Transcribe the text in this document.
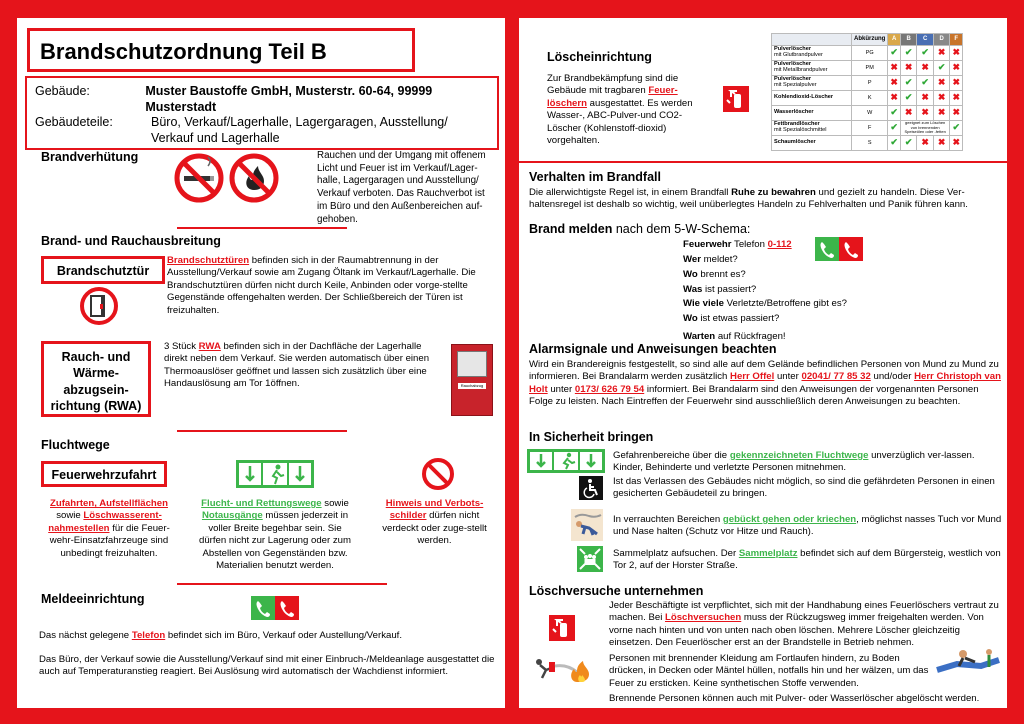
Brandschutzordnung Teil B
Gebäude:	Muster Baustoffe GmbH, Musterstr. 60-64, 99999 Musterstadt
Gebäudeteile:	Büro, Verkauf/Lagerhalle, Lagergaragen, Ausstellung/
Verkauf und Lagerhalle
Brandverhütung	Rauchen und der Umgang mit offenem Licht und Feuer ist im Verkauf/Lager-halle, Lagergaragen und Ausstellung/ Verkauf verboten. Das Rauchverbot ist im Büro und den Außenbereichen auf-gehoben.
Brand- und Rauchausbreitung
Brandschutztür
Brandschutztüren befinden sich in der Raumabtrennung in der Ausstellung/Verkauf sowie am Zugang Öltank im Verkauf/Lagerhalle. Die Brandschutztüren dürfen nicht durch Keile, Anbinden oder vorge-stellte Gegenstände offengehalten werden. Der Schließbereich der Türen ist freizuhalten.
Rauch- und Wärme-abzugsein-richtung (RWA)
3 Stück RWA befinden sich in der Dachfläche der Lagerhalle direkt neben dem Verkauf. Sie werden automatisch über einen Thermoauslöser geöffnet und lassen sich zusätzlich über eine Handauslösung am Tor 1öffnen.	Rauchabzug
Fluchtwege
Feuerwehrzufahrt
Zufahrten, Aufstellflächen sowie Löschwasserent-nahmestellen für die Feuer-wehr-Einsatzfahrzeuge sind unbedingt freizuhalten.
Flucht- und Rettungswege sowie Notausgänge müssen jederzeit in voller Breite begehbar sein. Sie dürfen nicht zur Lagerung oder zum Abstellen von Gegenständen bzw. Materialien benutzt werden.
Hinweis und Verbots-schilder dürfen nicht verdeckt oder zuge-stellt werden.
Meldeeinrichtung
Das nächst gelegene Telefon befindet sich im Büro, Verkauf oder Austellung/Verkauf.
Das Büro, der Verkauf sowie die Ausstellung/Verkauf sind mit einer Einbruch-/Meldeanlage ausgestattet die auch auf Temperaturanstieg reagiert. Bei Auslösung wird automatisch der Wachdienst informiert.
Löscheinrichtung
Zur Brandbekämpfung sind die Gebäude mit tragbaren Feuer-löschern ausgestattet. Es werden Wasser-, ABC-Pulver-und CO2-Löscher (Kohlenstoff-dioxid) vorgehalten.
	Abkürzung	A	B	C	D	F
Pulverlöscher
mit Glutbrandpulver	PG	✔	✔	✔	✖	✖
Pulverlöscher
mit Metallbrandpulver	PM	✖	✖	✖	✔	✖
Pulverlöscher
mit Spezialpulver	P	✖	✔	✔	✖	✖
Kohlendioxid-Löscher	K	✖	✔	✖	✖	✖
Wasserlöscher	W	✔	✖	✖	✖	✖
Fettbrandlöscher
mit Spezialöschmittel	F	✔	geeignet zum Löschen von brennenden Speiseölen oder -fetten			✔
Schaumlöscher	S	✔	✔	✖	✖	✖
Verhalten im Brandfall
Die allerwichtigste Regel ist, in einem Brandfall Ruhe zu bewahren und gezielt zu handeln. Diese Ver-haltensregel ist deshalb so wichtig, weil unüberlegtes Handeln zu Fehlverhalten und Panik führen kann.
Brand melden nach dem 5-W-Schema:
Feuerwehr Telefon 0-112
Wer meldet?
Wo brennt es?
Was ist passiert?
Wie viele Verletzte/Betroffene gibt es?
Wo ist etwas passiert?
Warten auf Rückfragen!
Alarmsignale und Anweisungen beachten
Wird ein Brandereignis festgestellt, so sind alle auf dem Gelände befindlichen Personen von Mund zu Mund zu informieren. Bei Brandalarm werden zusätzlich Herr Offel unter 02041/ 77 85 32 und/oder Herr Christoph van Holt unter 0173/ 626 79 54 informiert. Bei Brandalarm sind den Anweisungen der vorgenannten Personen Folge zu leisten. Nach Eintreffen der Feuerwehr sind ausschließlich deren Anweisungen zu beachten.
In Sicherheit bringen
Gefahrenbereiche über die gekennzeichneten Fluchtwege unverzüglich ver-lassen. Kinder, Behinderte und verletzte Personen mitnehmen.
Ist das Verlassen des Gebäudes nicht möglich, so sind die gefährdeten Personen in einen gesicherten Gebäudeteil zu bringen.
In verrauchten Bereichen gebückt gehen oder kriechen, möglichst nasses Tuch vor Mund und Nase halten (Schutz vor Hitze und Rauch).
Sammelplatz aufsuchen. Der Sammelplatz befindet sich auf dem Bürgersteig, westlich von Tor 2, auf der Horster Straße.
Löschversuche unternehmen
Jeder Beschäftigte ist verpflichtet, sich mit der Handhabung eines Feuerlöschers vertraut zu machen. Bei Löschversuchen muss der Rückzugsweg immer freigehalten werden. Von vorne nach hinten und von unten nach oben löschen. Mehrere Löscher gleichzeitig einsetzen. Den Feuerlöscher erst an der Brandstelle in Betrieb nehmen.
Personen mit brennender Kleidung am Fortlaufen hindern, zu Boden drücken, in Decken oder Mäntel hüllen, notfalls hin und her wälzen, um das Feuer zu ersticken. Keine synthetischen Stoffe verwenden.
Brennende Personen können auch mit Pulver- oder Wasserlöscher abgelöscht werden.
